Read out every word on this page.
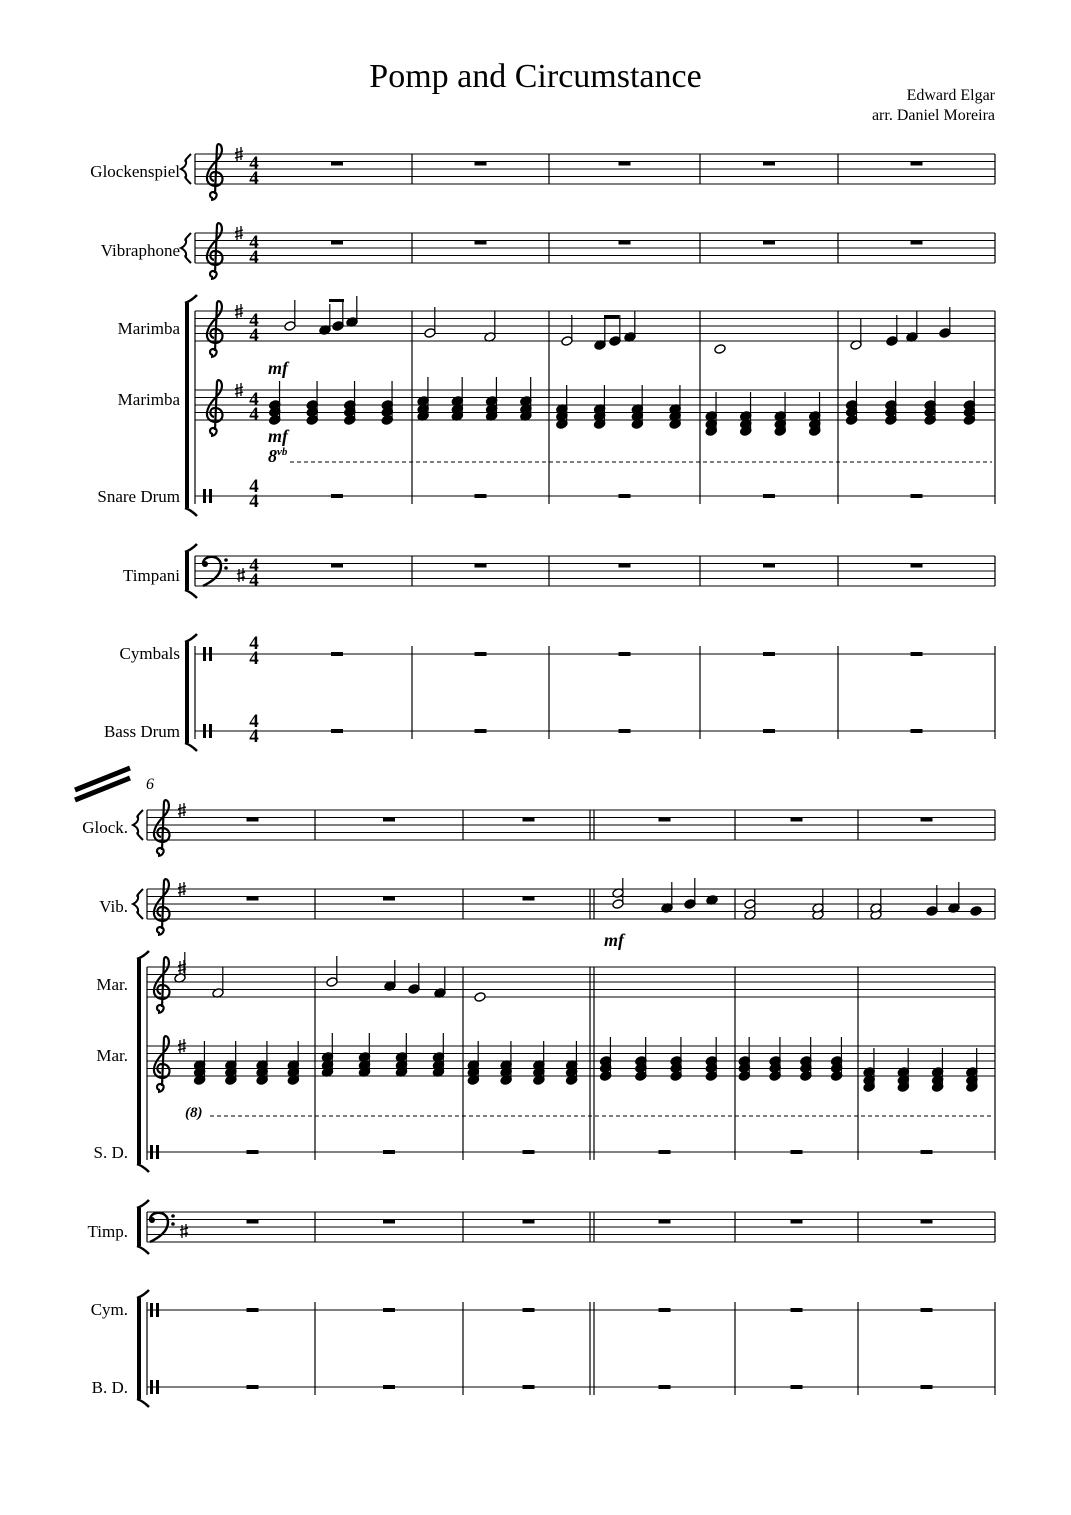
Pomp and Circumstance
Edward Elgar
arr. Daniel Moreira
Glockenspiel
Vibraphone
Marimba
Marimba
Snare Drum
Timpani
Cymbals
Bass Drum
4
4
4
4
4
4
4
4
4
4
4
4
4
4
4
4
mf
mf
$8^{vb}$
6
Glock.
Vib.
Mar.
Mar.
S. D.
Timp.
Cym.
B. D.
mf
(8)
